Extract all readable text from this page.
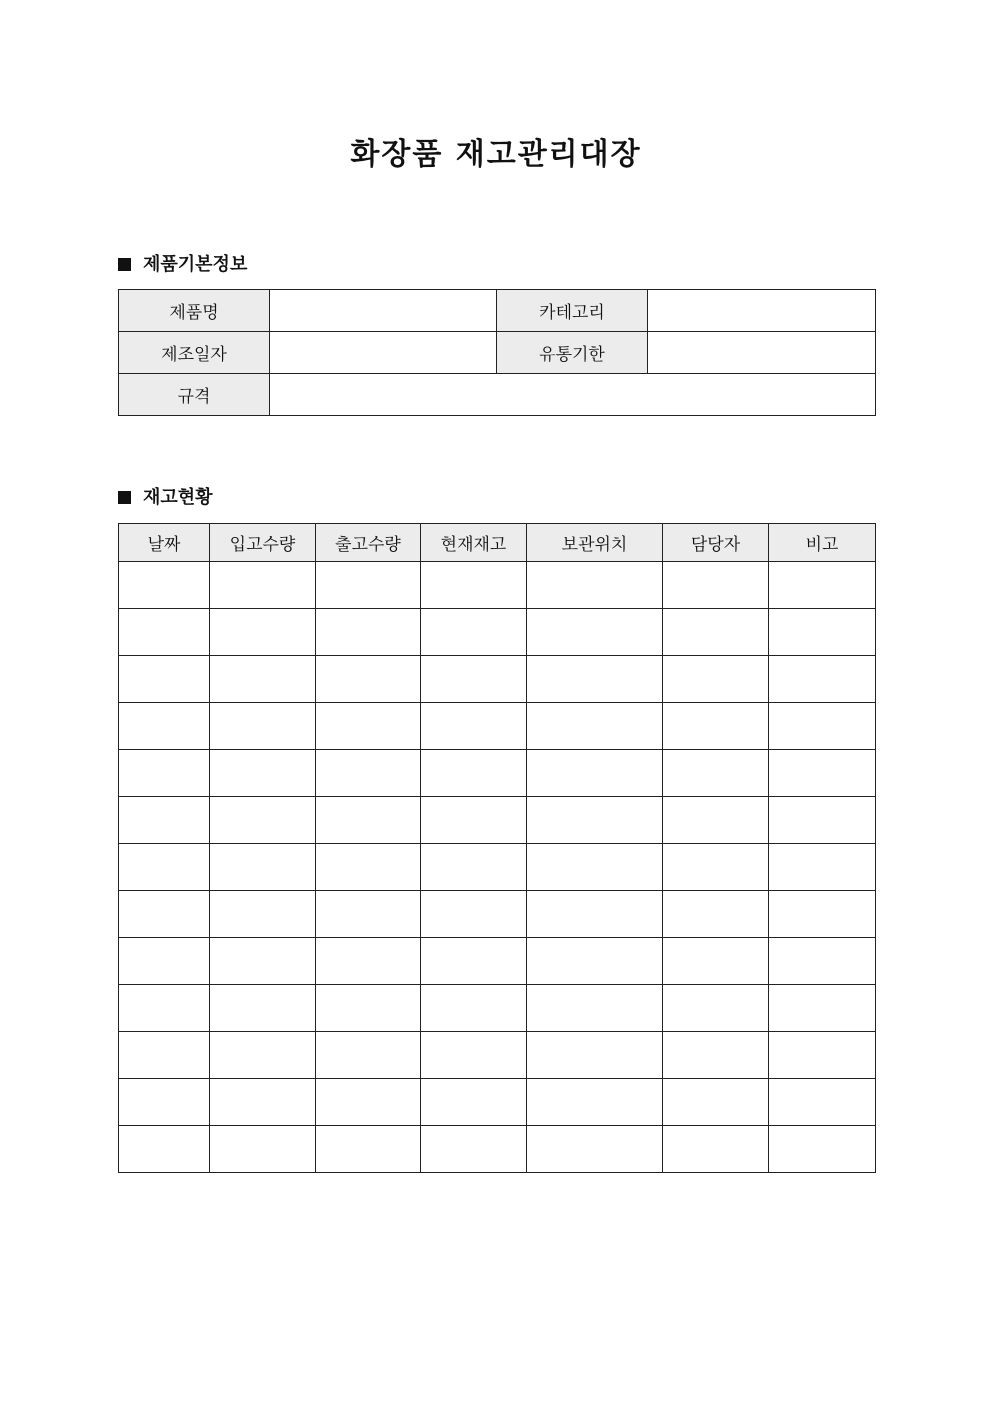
화장품 재고관리대장
제품기본정보
제품명		카테고리	
제조일자		유통기한	
규격			
재고현황
날짜	입고수량	출고수량	현재재고	보관위치	담당자	비고
